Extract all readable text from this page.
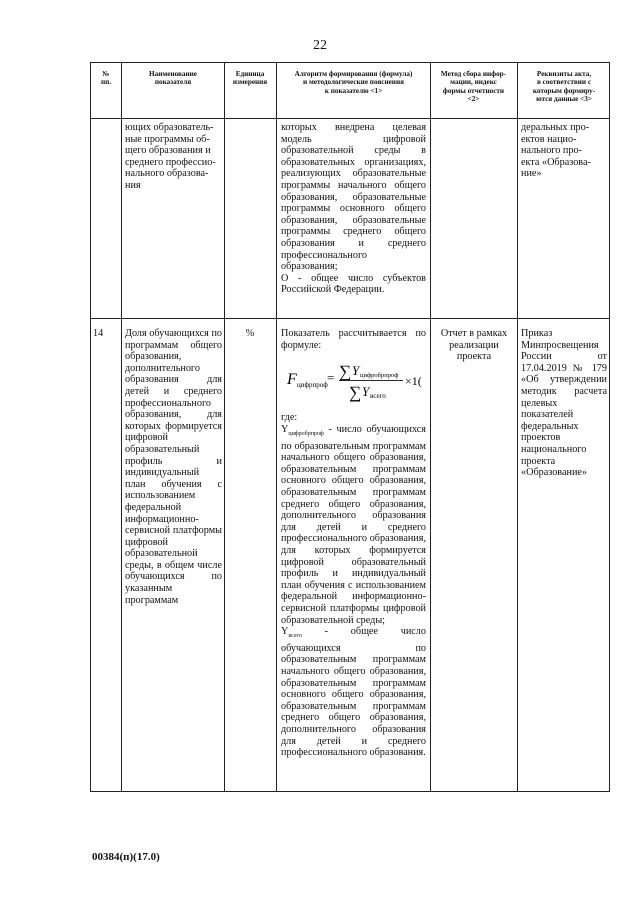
22
№
пп.
Наименование
показателя
Единица
измерения
Алгоритм формирования (формула)
и методологические пояснения
к показателю <1>
Метод сбора инфор-
мации, индекс
формы отчетности
<2>
Реквизиты акта,
в соответствии с
которым формиру-
ются данные <3>
ющих образователь-
ные программы об-
щего образования и
среднего профессио-
нального образова-
ния
которых внедрена целевая модель цифровой образовательной среды в образовательных организациях, реализующих образовательные программы начального общего образования, образовательные программы основного общего образования, образовательные программы среднего общего образования и среднего профессионального образования;
О - общее число субъектов Российской Федерации.
деральных про-
ектов нацио-
нального про-
екта «Образова-
ние»
14	Доля обучающихся по программам общего образования, дополнительного образования для детей и среднего профессионального образования, для которых формируется цифровой образовательный профиль и индивидуальный план обучения с использованием федеральной информационно-сервисной платформы цифровой образовательной среды, в общем числе обучающихся по указанным программам
%	Показатель рассчитывается по формуле:
F цифрпроф = ∑ Y цифробрпроф
∑ Y всего
×1(
где:
$Y_{цифробрпроф}$ - число обучающихся по образовательным программам начального общего образования, образовательным программам основного общего образования, образовательным программам среднего общего образования, дополнительного образования для детей и среднего профессионального образования, для которых формируется цифровой образовательный профиль и индивидуальный план обучения с использованием федеральной информационно-сервисной платформы цифровой образовательной среды;
$Y_{всего}$ - общее число обучающихся по образовательным программам начального общего образования, образовательным программам основного общего образования, образовательным программам среднего общего образования, дополнительного образования для детей и среднего профессионального образования.
Отчет в рамках реализации проекта
Приказ Минпросвещения России от 17.04.2019 № 179 «Об утверждении методик расчета целевых показателей федеральных проектов национального проекта «Образование»
00384(п)(17.0)
